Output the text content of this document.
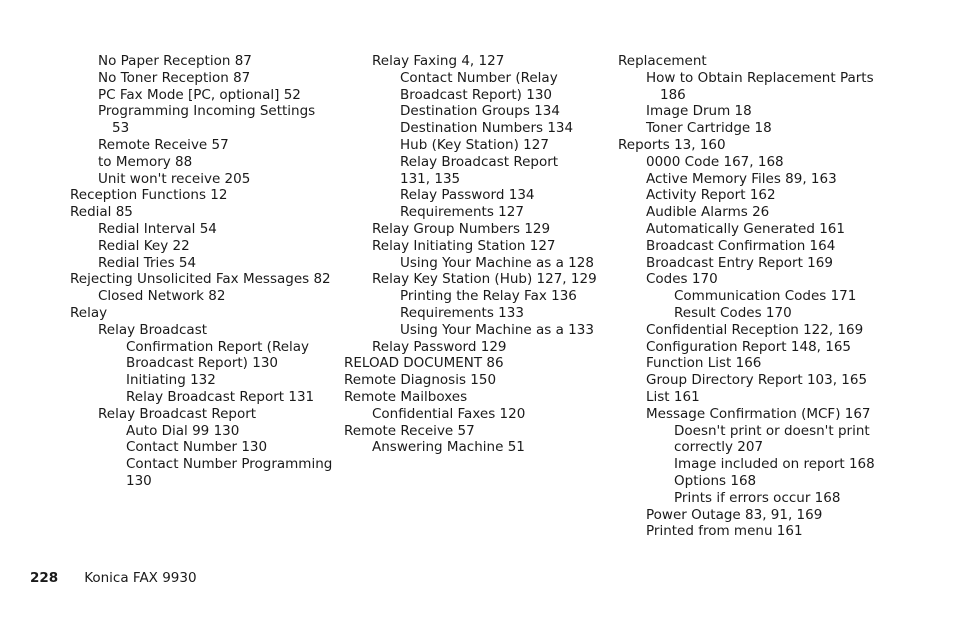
No Paper Reception 87
No Toner Reception 87
PC Fax Mode [PC, optional] 52
Programming Incoming Settings
53
Remote Receive 57
to Memory 88
Unit won't receive 205
Reception Functions 12
Redial 85
Redial Interval 54
Redial Key 22
Redial Tries 54
Rejecting Unsolicited Fax Messages 82
Closed Network 82
Relay
Relay Broadcast
Confirmation Report (Relay
Broadcast Report) 130
Initiating 132
Relay Broadcast Report 131
Relay Broadcast Report
Auto Dial 99 130
Contact Number 130
Contact Number Programming
130
Relay Faxing 4, 127
Contact Number (Relay
Broadcast Report) 130
Destination Groups 134
Destination Numbers 134
Hub (Key Station) 127
Relay Broadcast Report
131, 135
Relay Password 134
Requirements 127
Relay Group Numbers 129
Relay Initiating Station 127
Using Your Machine as a 128
Relay Key Station (Hub) 127, 129
Printing the Relay Fax 136
Requirements 133
Using Your Machine as a 133
Relay Password 129
RELOAD DOCUMENT 86
Remote Diagnosis 150
Remote Mailboxes
Confidential Faxes 120
Remote Receive 57
Answering Machine 51
Replacement
How to Obtain Replacement Parts
186
Image Drum 18
Toner Cartridge 18
Reports 13, 160
0000 Code 167, 168
Active Memory Files 89, 163
Activity Report 162
Audible Alarms 26
Automatically Generated 161
Broadcast Confirmation 164
Broadcast Entry Report 169
Codes 170
Communication Codes 171
Result Codes 170
Confidential Reception 122, 169
Configuration Report 148, 165
Function List 166
Group Directory Report 103, 165
List 161
Message Confirmation (MCF) 167
Doesn't print or doesn't print
correctly 207
Image included on report 168
Options 168
Prints if errors occur 168
Power Outage 83, 91, 169
Printed from menu 161
228 Konica FAX 9930
